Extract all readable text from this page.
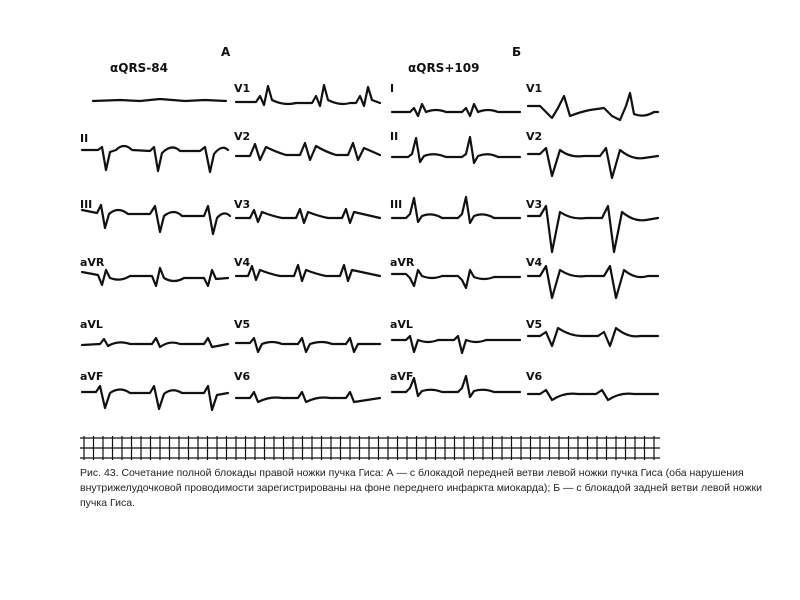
А
αQRS-84
Б
αQRS+109
II
III
aVR
aVL
aVF
V1
V2
V3
V4
V5
V6
I
II
III
aVR
aVL
aVF
V1
V2
V3
V4
V5
V6

Рис. 43. Сочетание полной блокады правой ножки пучка Гиса: А — с блокадой передней ветви левой ножки пучка Гиса (оба нарушения внутрижелудочковой проводимости зарегистрированы на фоне переднего инфаркта миокарда); Б — с блокадой задней ветви левой ножки пучка Гиса.
